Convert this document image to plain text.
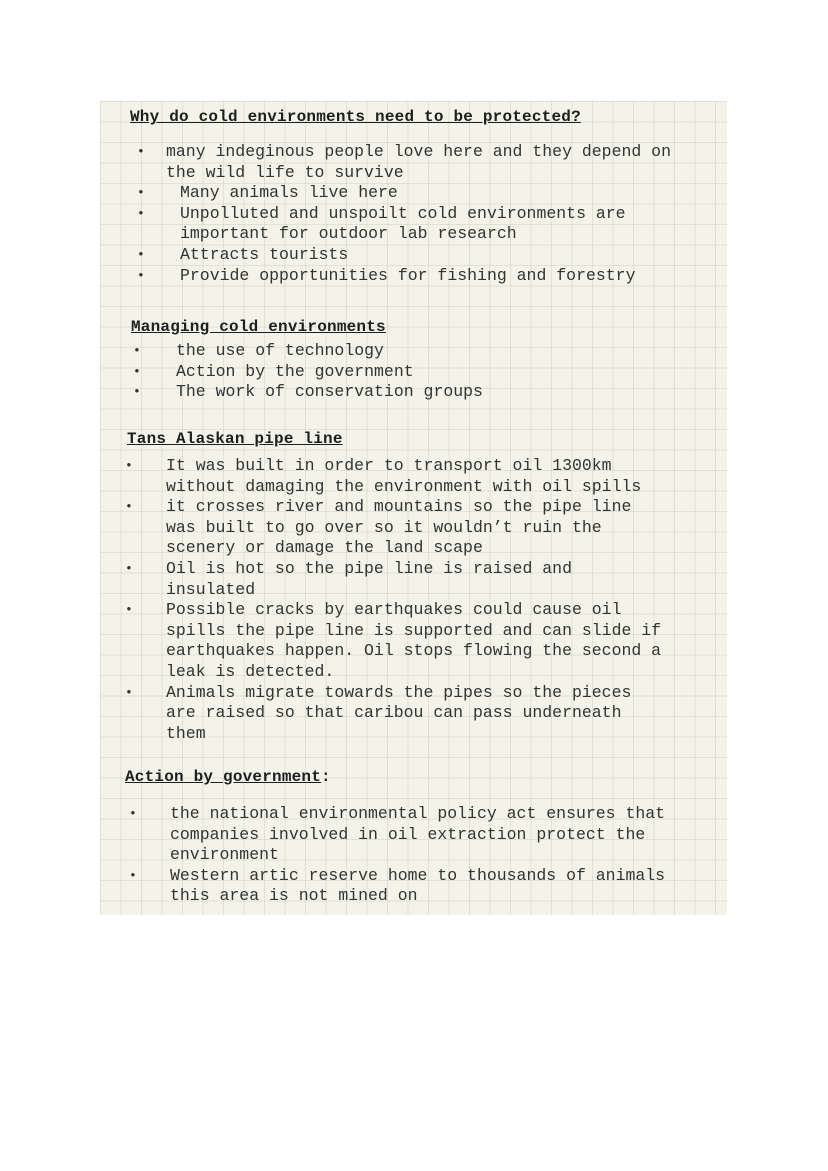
Why do cold environments need to be protected?
• many indeginous people love here and they depend on
the wild life to survive
• Many animals live here
• Unpolluted and unspoilt cold environments are
important for outdoor lab research
• Attracts tourists
• Provide opportunities for fishing and forestry
Managing cold environments
• the use of technology
• Action by the government
• The work of conservation groups
Tans Alaskan pipe line
• It was built in order to transport oil 1300km
without damaging the environment with oil spills
• it crosses river and mountains so the pipe line
was built to go over so it wouldn’t ruin the
scenery or damage the land scape
• Oil is hot so the pipe line is raised and
insulated
• Possible cracks by earthquakes could cause oil
spills the pipe line is supported and can slide if
earthquakes happen. Oil stops flowing the second a
leak is detected.
• Animals migrate towards the pipes so the pieces
are raised so that caribou can pass underneath
them
Action by government:
• the national environmental policy act ensures that
companies involved in oil extraction protect the
environment
• Western artic reserve home to thousands of animals
this area is not mined on
